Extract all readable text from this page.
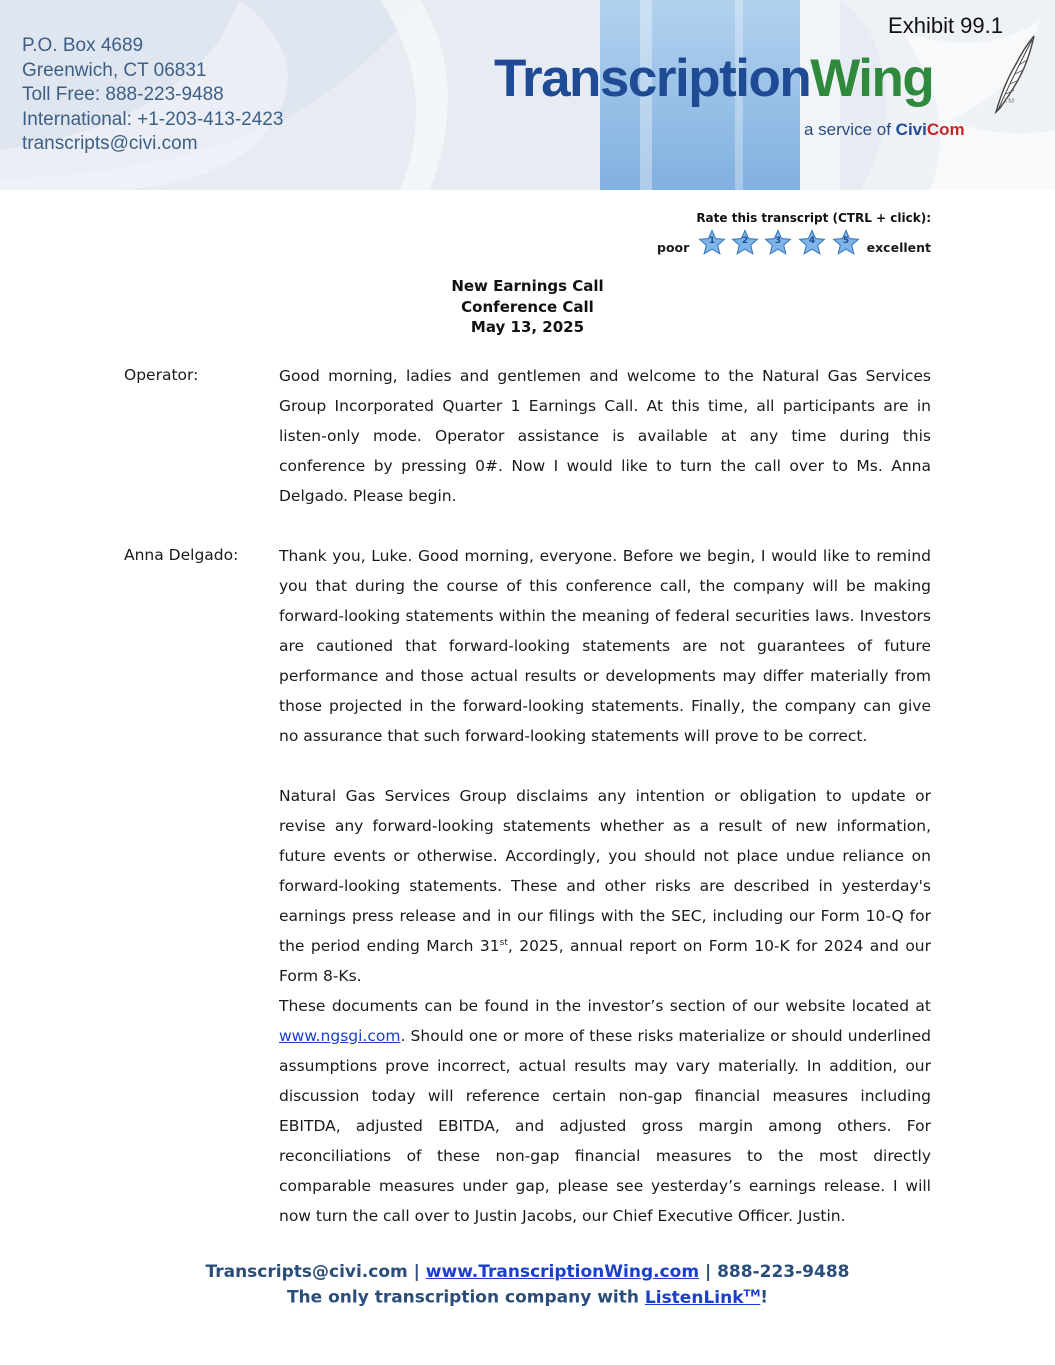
P.O. Box 4689
Greenwich, CT 06831
Toll Free: 888-223-9488
International: +1-203-413-2423
transcripts@civi.com
Exhibit 99.1
TranscriptionWing	TM
a service of CiviCom
Rate this transcript (CTRL + click):
poor	1	2	3	4	5	excellent
New Earnings Call
Conference Call
May 13, 2025
Operator:	Good morning, ladies and gentlemen and welcome to the Natural Gas Services Group Incorporated Quarter 1 Earnings Call. At this time, all participants are in listen-only mode. Operator assistance is available at any time during this conference by pressing 0#. Now I would like to turn the call over to Ms. Anna Delgado. Please begin.
Anna Delgado:	Thank you, Luke. Good morning, everyone. Before we begin, I would like to remind you that during the course of this conference call, the company will be making forward-looking statements within the meaning of federal securities laws. Investors are cautioned that forward-looking statements are not guarantees of future performance and those actual results or developments may differ materially from those projected in the forward-looking statements. Finally, the company can give no assurance that such forward-looking statements will prove to be correct.
Natural Gas Services Group disclaims any intention or obligation to update or revise any forward-looking statements whether as a result of new information, future events or otherwise. Accordingly, you should not place undue reliance on forward-looking statements. These and other risks are described in yesterday's earnings press release and in our filings with the SEC, including our Form 10-Q for the period ending March 31st, 2025, annual report on Form 10-K for 2024 and our Form 8-Ks.
These documents can be found in the investor’s section of our website located at www.ngsgi.com. Should one or more of these risks materialize or should underlined assumptions prove incorrect, actual results may vary materially. In addition, our discussion today will reference certain non-gap financial measures including EBITDA, adjusted EBITDA, and adjusted gross margin among others. For reconciliations of these non-gap financial measures to the most directly comparable measures under gap, please see yesterday’s earnings release. I will now turn the call over to Justin Jacobs, our Chief Executive Officer. Justin.
Transcripts@civi.com | www.TranscriptionWing.com | 888-223-9488
The only transcription company with ListenLink™!
